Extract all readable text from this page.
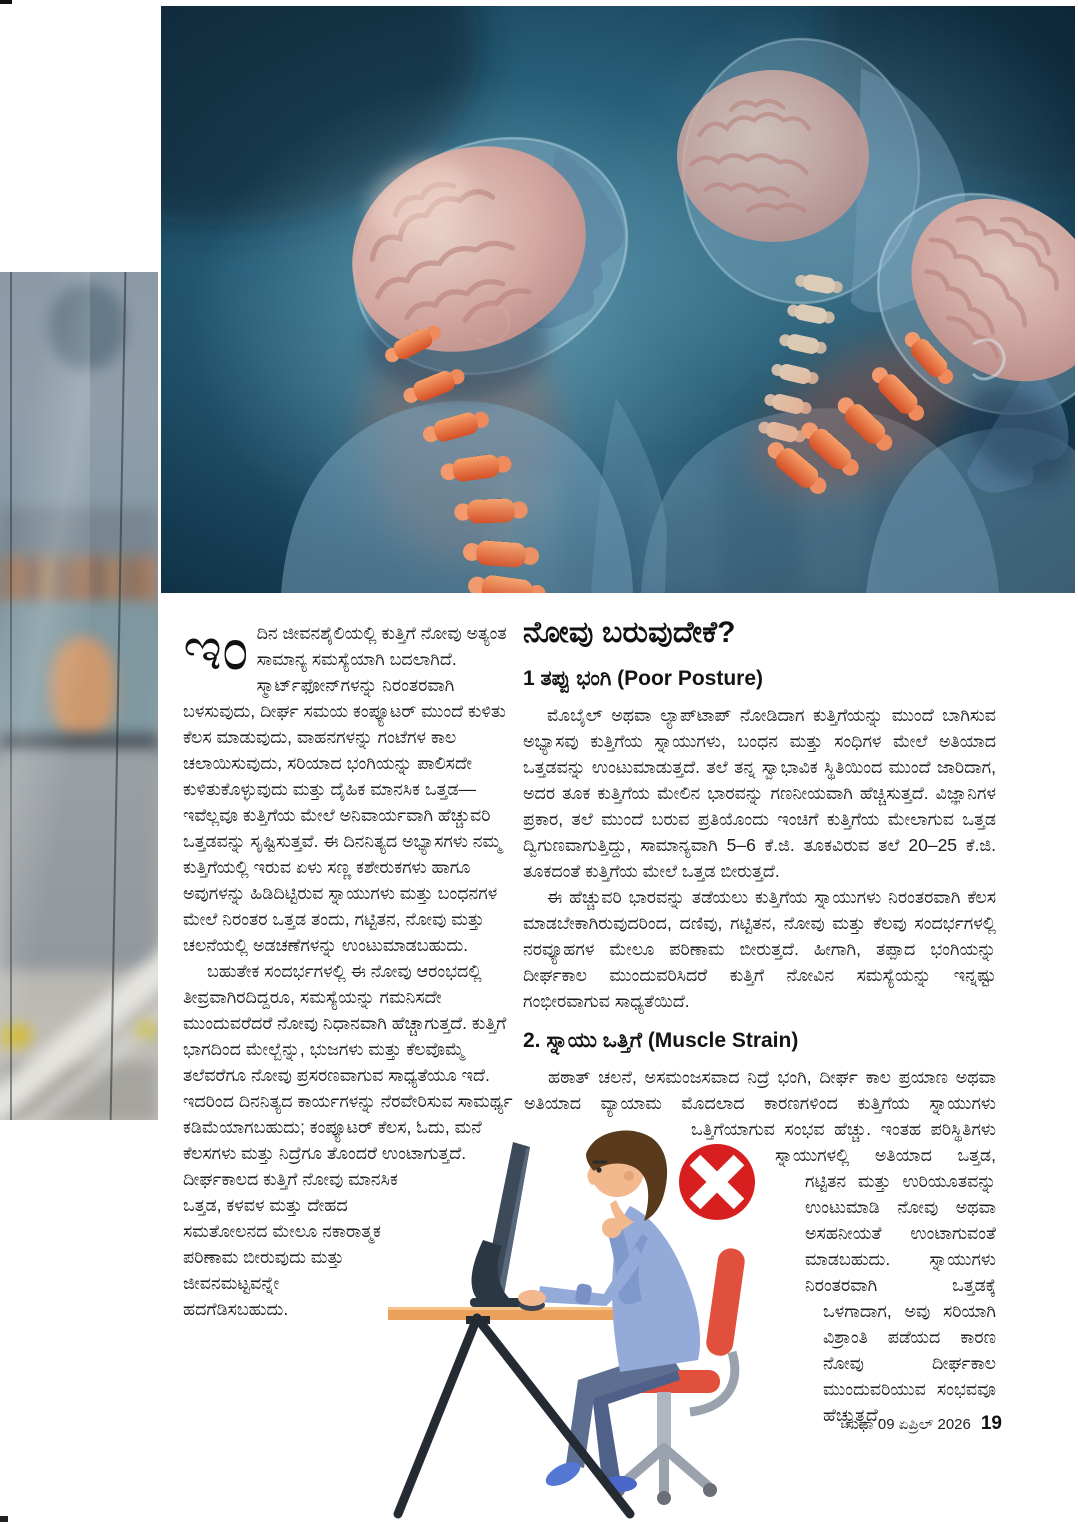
ಇಂದಿನ ಜೀವನಶೈಲಿಯಲ್ಲಿ ಕುತ್ತಿಗೆ ನೋವು ಅತ್ಯಂತ ಸಾಮಾನ್ಯ ಸಮಸ್ಯೆಯಾಗಿ ಬದಲಾಗಿದೆ. ಸ್ಮಾರ್ಟ್‌ಫೋನ್‌ಗಳನ್ನು ನಿರಂತರವಾಗಿ ಬಳಸುವುದು, ದೀರ್ಘ ಸಮಯ ಕಂಪ್ಯೂಟರ್ ಮುಂದೆ ಕುಳಿತು ಕೆಲಸ ಮಾಡುವುದು, ವಾಹನಗಳನ್ನು ಗಂಟೆಗಳ ಕಾಲ ಚಲಾಯಿಸುವುದು, ಸರಿಯಾದ ಭಂಗಿಯನ್ನು ಪಾಲಿಸದೇ ಕುಳಿತುಕೊಳ್ಳುವುದು ಮತ್ತು ದೈಹಿಕ ಮಾನಸಿಕ ಒತ್ತಡ— ಇವೆಲ್ಲವೂ ಕುತ್ತಿಗೆಯ ಮೇಲೆ ಅನಿವಾರ್ಯವಾಗಿ ಹೆಚ್ಚುವರಿ ಒತ್ತಡವನ್ನು ಸೃಷ್ಟಿಸುತ್ತವೆ. ಈ ದಿನನಿತ್ಯದ ಅಭ್ಯಾಸಗಳು ನಮ್ಮ ಕುತ್ತಿಗೆಯಲ್ಲಿ ಇರುವ ಏಳು ಸಣ್ಣ ಕಶೇರುಕಗಳು ಹಾಗೂ ಅವುಗಳನ್ನು ಹಿಡಿದಿಟ್ಟಿರುವ ಸ್ನಾಯುಗಳು ಮತ್ತು ಬಂಧನಗಳ ಮೇಲೆ ನಿರಂತರ ಒತ್ತಡ ತಂದು, ಗಟ್ಟಿತನ, ನೋವು ಮತ್ತು ಚಲನೆಯಲ್ಲಿ ಅಡಚಣೆಗಳನ್ನು ಉಂಟುಮಾಡಬಹುದು.

ಬಹುತೇಕ ಸಂದರ್ಭಗಳಲ್ಲಿ ಈ ನೋವು ಆರಂಭದಲ್ಲಿ ತೀವ್ರವಾಗಿರದಿದ್ದರೂ, ಸಮಸ್ಯೆಯನ್ನು ಗಮನಿಸದೇ ಮುಂದುವರೆದರೆ ನೋವು ನಿಧಾನವಾಗಿ ಹೆಚ್ಚಾಗುತ್ತದೆ. ಕುತ್ತಿಗೆ ಭಾಗದಿಂದ ಮೇಲ್ಬೆನ್ನು, ಭುಜಗಳು ಮತ್ತು ಕೆಲವೊಮ್ಮೆ ತಲೆವರೆಗೂ ನೋವು ಪ್ರಸರಣವಾಗುವ ಸಾಧ್ಯತೆಯೂ ಇದೆ. ಇದರಿಂದ ದಿನನಿತ್ಯದ ಕಾರ್ಯಗಳನ್ನು ನೆರವೇರಿಸುವ ಸಾಮರ್ಥ್ಯ ಕಡಿಮೆಯಾಗಬಹುದು; ಕಂಪ್ಯೂಟರ್ ಕೆಲಸ, ಓದು, ಮನೆ ಕೆಲಸಗಳು ಮತ್ತು ನಿದ್ರೆಗೂ ತೊಂದರೆ ಉಂಟಾಗುತ್ತದೆ. ದೀರ್ಘಕಾಲದ ಕುತ್ತಿಗೆ ನೋವು ಮಾನಸಿಕ ಒತ್ತಡ, ಕಳವಳ ಮತ್ತು ದೇಹದ ಸಮತೋಲನದ ಮೇಲೂ ನಕಾರಾತ್ಮಕ ಪರಿಣಾಮ ಬೀರುವುದು ಮತ್ತು ಜೀವನಮಟ್ಟವನ್ನೇ ಹದಗೆಡಿಸಬಹುದು.

ನೋವು ಬರುವುದೇಕೆ?
1 ತಪ್ಪು ಭಂಗಿ (Poor Posture)

ಮೊಬೈಲ್ ಅಥವಾ ಲ್ಯಾಪ್‌ಟಾಪ್ ನೋಡಿದಾಗ ಕುತ್ತಿಗೆಯನ್ನು ಮುಂದೆ ಬಾಗಿಸುವ ಅಭ್ಯಾಸವು ಕುತ್ತಿಗೆಯ ಸ್ನಾಯುಗಳು, ಬಂಧನ ಮತ್ತು ಸಂಧಿಗಳ ಮೇಲೆ ಅತಿಯಾದ ಒತ್ತಡವನ್ನು ಉಂಟುಮಾಡುತ್ತದೆ. ತಲೆ ತನ್ನ ಸ್ವಾಭಾವಿಕ ಸ್ಥಿತಿಯಿಂದ ಮುಂದೆ ಜಾರಿದಾಗ, ಅದರ ತೂಕ ಕುತ್ತಿಗೆಯ ಮೇಲಿನ ಭಾರವನ್ನು ಗಣನೀಯವಾಗಿ ಹೆಚ್ಚಿಸುತ್ತದೆ. ವಿಜ್ಞಾನಿಗಳ ಪ್ರಕಾರ, ತಲೆ ಮುಂದೆ ಬರುವ ಪ್ರತಿಯೊಂದು ಇಂಚಿಗೆ ಕುತ್ತಿಗೆಯ ಮೇಲಾಗುವ ಒತ್ತಡ ದ್ವಿಗುಣವಾಗುತ್ತಿದ್ದು, ಸಾಮಾನ್ಯವಾಗಿ 5–6 ಕೆ.ಜಿ. ತೂಕವಿರುವ ತಲೆ 20–25 ಕೆ.ಜಿ. ತೂಕದಂತೆ ಕುತ್ತಿಗೆಯ ಮೇಲೆ ಒತ್ತಡ ಬೀರುತ್ತದೆ.

ಈ ಹೆಚ್ಚುವರಿ ಭಾರವನ್ನು ತಡೆಯಲು ಕುತ್ತಿಗೆಯ ಸ್ನಾಯುಗಳು ನಿರಂತರವಾಗಿ ಕೆಲಸ ಮಾಡಬೇಕಾಗಿರುವುದರಿಂದ, ದಣಿವು, ಗಟ್ಟಿತನ, ನೋವು ಮತ್ತು ಕೆಲವು ಸಂದರ್ಭಗಳಲ್ಲಿ ನರವ್ಯೂಹಗಳ ಮೇಲೂ ಪರಿಣಾಮ ಬೀರುತ್ತದೆ. ಹೀಗಾಗಿ, ತಪ್ಪಾದ ಭಂಗಿಯನ್ನು ದೀರ್ಘಕಾಲ ಮುಂದುವರಿಸಿದರೆ ಕುತ್ತಿಗೆ ನೋವಿನ ಸಮಸ್ಯೆಯನ್ನು ಇನ್ನಷ್ಟು ಗಂಭೀರವಾಗುವ ಸಾಧ್ಯತೆಯಿದೆ.

2. ಸ್ನಾಯು ಒತ್ತಿಗೆ (Muscle Strain)

ಹಠಾತ್ ಚಲನೆ, ಅಸಮಂಜಸವಾದ ನಿದ್ರೆ ಭಂಗಿ, ದೀರ್ಘ ಕಾಲ ಪ್ರಯಾಣ ಅಥವಾ ಅತಿಯಾದ ವ್ಯಾಯಾಮ ಮೊದಲಾದ ಕಾರಣಗಳಿಂದ ಕುತ್ತಿಗೆಯ ಸ್ನಾಯುಗಳು ಒತ್ತಿಗೆಯಾಗುವ ಸಂಭವ ಹೆಚ್ಚು. ಇಂತಹ ಪರಿಸ್ಥಿತಿಗಳು ಸ್ನಾಯುಗಳಲ್ಲಿ ಅತಿಯಾದ ಒತ್ತಡ, ಗಟ್ಟಿತನ ಮತ್ತು ಉರಿಯೂತವನ್ನು ಉಂಟುಮಾಡಿ ನೋವು ಅಥವಾ ಅಸಹನೀಯತೆ ಉಂಟಾಗುವಂತೆ ಮಾಡಬಹುದು. ಸ್ನಾಯುಗಳು ನಿರಂತರವಾಗಿ ಒತ್ತಡಕ್ಕೆ ಒಳಗಾದಾಗ, ಅವು ಸರಿಯಾಗಿ ವಿಶ್ರಾಂತಿ ಪಡೆಯದ ಕಾರಣ ನೋವು ದೀರ್ಘಕಾಲ ಮುಂದುವರಿಯುವ ಸಂಭವವೂ ಹೆಚ್ಚುತ್ತದೆ.

ಸುಧಾ 09 ಏಪ್ರಿಲ್ 2026 19
